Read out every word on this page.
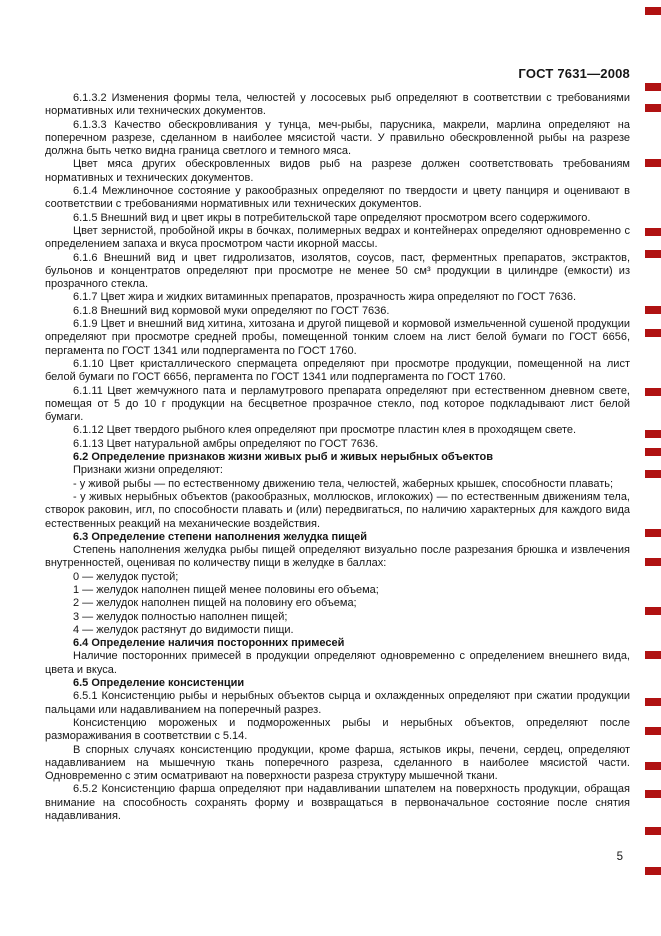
ГОСТ 7631—2008

6.1.3.2 Изменения формы тела, челюстей у лососевых рыб определяют в соответствии с требованиями нормативных или технических документов.

6.1.3.3 Качество обескровливания у тунца, меч-рыбы, парусника, макрели, марлина определяют на поперечном разрезе, сделанном в наиболее мясистой части. У правильно обескровленной рыбы на разрезе должна быть четко видна граница светлого и темного мяса.

Цвет мяса других обескровленных видов рыб на разрезе должен соответствовать требованиям нормативных и технических документов.

6.1.4 Межлиночное состояние у ракообразных определяют по твердости и цвету панциря и оценивают в соответствии с требованиями нормативных или технических документов.

6.1.5 Внешний вид и цвет икры в потребительской таре определяют просмотром всего содержимого.

Цвет зернистой, пробойной икры в бочках, полимерных ведрах и контейнерах определяют одновременно с определением запаха и вкуса просмотром части икорной массы.

6.1.6 Внешний вид и цвет гидролизатов, изолятов, соусов, паст, ферментных препаратов, экстрактов, бульонов и концентратов определяют при просмотре не менее 50 см³ продукции в цилиндре (емкости) из прозрачного стекла.

6.1.7 Цвет жира и жидких витаминных препаратов, прозрачность жира определяют по ГОСТ 7636.

6.1.8 Внешний вид кормовой муки определяют по ГОСТ 7636.

6.1.9 Цвет и внешний вид хитина, хитозана и другой пищевой и кормовой измельченной сушеной продукции определяют при просмотре средней пробы, помещенной тонким слоем на лист белой бумаги по ГОСТ 6656, пергамента по ГОСТ 1341 или подпергамента по ГОСТ 1760.

6.1.10 Цвет кристаллического спермацета определяют при просмотре продукции, помещенной на лист белой бумаги по ГОСТ 6656, пергамента по ГОСТ 1341 или подпергамента по ГОСТ 1760.

6.1.11 Цвет жемчужного пата и перламутрового препарата определяют при естественном дневном свете, помещая от 5 до 10 г продукции на бесцветное прозрачное стекло, под которое подкладывают лист белой бумаги.

6.1.12 Цвет твердого рыбного клея определяют при просмотре пластин клея в проходящем свете.

6.1.13 Цвет натуральной амбры определяют по ГОСТ 7636.

6.2 Определение признаков жизни живых рыб и живых нерыбных объектов

Признаки жизни определяют:

- у живой рыбы — по естественному движению тела, челюстей, жаберных крышек, способности плавать;

- у живых нерыбных объектов (ракообразных, моллюсков, иглокожих) — по естественным движениям тела, створок раковин, игл, по способности плавать и (или) передвигаться, по наличию характерных для каждого вида естественных реакций на механические воздействия.

6.3 Определение степени наполнения желудка пищей

Степень наполнения желудка рыбы пищей определяют визуально после разрезания брюшка и извлечения внутренностей, оценивая по количеству пищи в желудке в баллах:

0 — желудок пустой;

1 — желудок наполнен пищей менее половины его объема;

2 — желудок наполнен пищей на половину его объема;

3 — желудок полностью наполнен пищей;

4 — желудок растянут до видимости пищи.

6.4 Определение наличия посторонних примесей

Наличие посторонних примесей в продукции определяют одновременно с определением внешнего вида, цвета и вкуса.

6.5 Определение консистенции

6.5.1 Консистенцию рыбы и нерыбных объектов сырца и охлажденных определяют при сжатии продукции пальцами или надавливанием на поперечный разрез.

Консистенцию мороженых и подмороженных рыбы и нерыбных объектов, определяют после размораживания в соответствии с 5.14.

В спорных случаях консистенцию продукции, кроме фарша, ястыков икры, печени, сердец, определяют надавливанием на мышечную ткань поперечного разреза, сделанного в наиболее мясистой части. Одновременно с этим осматривают на поверхности разреза структуру мышечной ткани.

6.5.2 Консистенцию фарша определяют при надавливании шпателем на поверхность продукции, обращая внимание на способность сохранять форму и возвращаться в первоначальное состояние после снятия надавливания.

5
